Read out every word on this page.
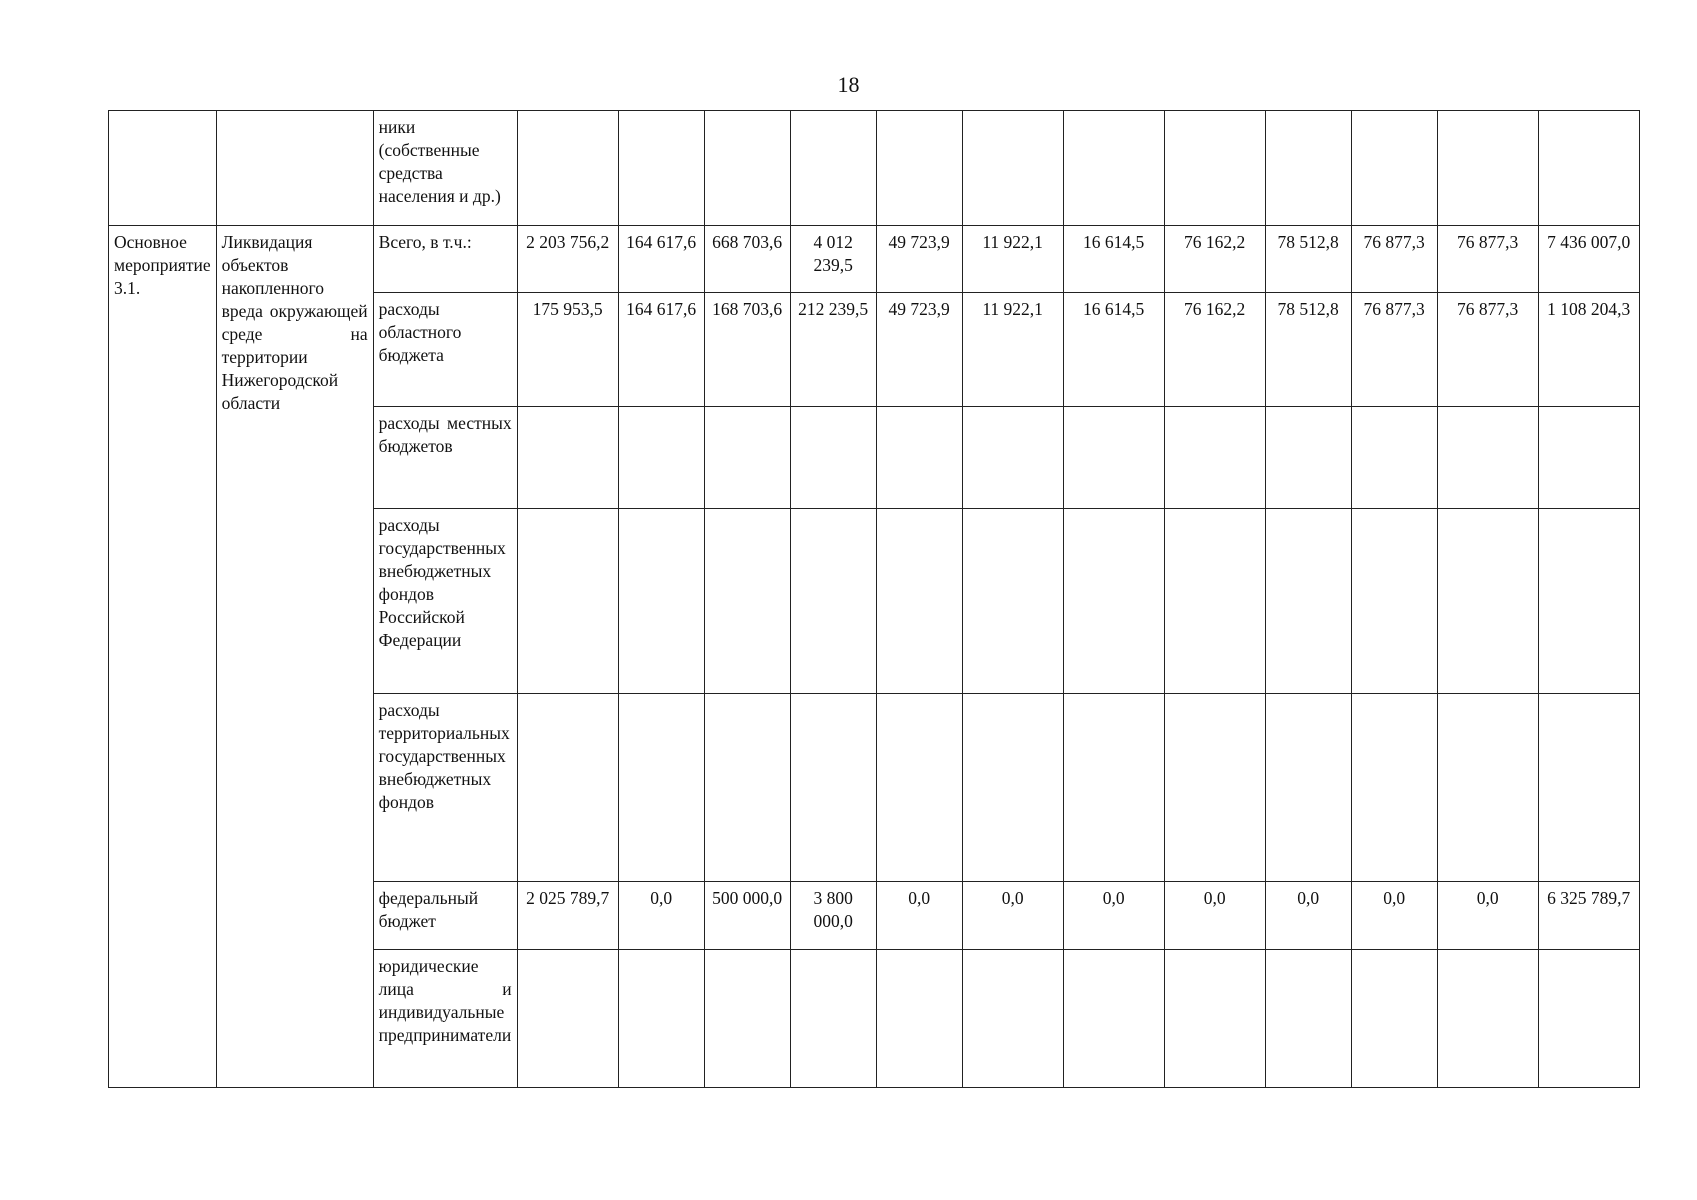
18
		ники (собственные средства населения и др.)												
Основное мероприятие 3.1.	Ликвидация объектов накопленного вреда окружающей среде на территории Нижегородской области	Всего, в т.ч.:	2 203 756,2	164 617,6	668 703,6	4 012 239,5	49 723,9	11 922,1	16 614,5	76 162,2	78 512,8	76 877,3	76 877,3	7 436 007,0
		расходы областного бюджета	175 953,5	164 617,6	168 703,6	212 239,5	49 723,9	11 922,1	16 614,5	76 162,2	78 512,8	76 877,3	76 877,3	1 108 204,3
		расходы местных бюджетов												
		расходы государственных внебюджетных фондов Российской Федерации												
		расходы территориальных государственных внебюджетных фондов												
		федеральный бюджет	2 025 789,7	0,0	500 000,0	3 800 000,0	0,0	0,0	0,0	0,0	0,0	0,0	0,0	6 325 789,7
		юридические лица и индивидуальные предприниматели												
